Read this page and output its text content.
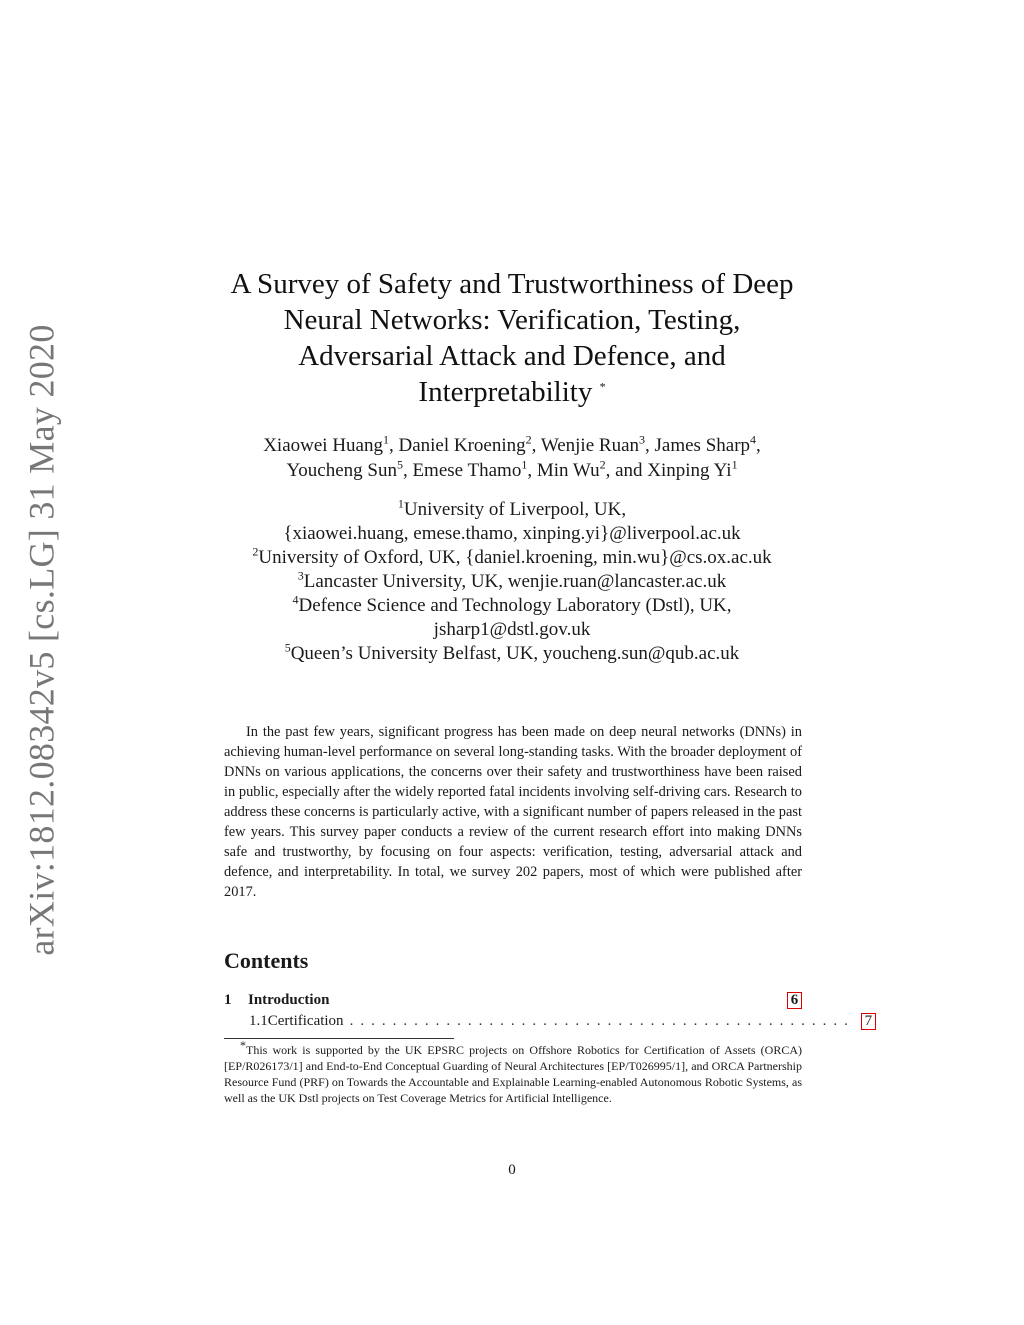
arXiv:1812.08342v5 [cs.LG] 31 May 2020
A Survey of Safety and Trustworthiness of Deep
Neural Networks: Verification, Testing,
Adversarial Attack and Defence, and
Interpretability *
Xiaowei Huang$^1$, Daniel Kroening$^2$, Wenjie Ruan$^3$, James Sharp$^4$,
Youcheng Sun$^5$, Emese Thamo$^1$, Min Wu$^2$, and Xinping Yi$^1$
$^1$University of Liverpool, UK,
{xiaowei.huang, emese.thamo, xinping.yi}@liverpool.ac.uk
$^2$University of Oxford, UK, {daniel.kroening, min.wu}@cs.ox.ac.uk
$^3$Lancaster University, UK, wenjie.ruan@lancaster.ac.uk
$^4$Defence Science and Technology Laboratory (Dstl), UK,
jsharp1@dstl.gov.uk
$^5$Queen’s University Belfast, UK, youcheng.sun@qub.ac.uk

In the past few years, significant progress has been made on deep neural networks (DNNs) in achieving human-level performance on several long-standing tasks. With the broader deployment of DNNs on various applications, the concerns over their safety and trustworthiness have been raised in public, especially after the widely reported fatal incidents involving self-driving cars. Research to address these concerns is particularly active, with a significant number of papers released in the past few years. This survey paper conducts a review of the current research effort into making DNNs safe and trustworthy, by focusing on four aspects: verification, testing, adversarial attack and defence, and interpretability. In total, we survey 202 papers, most of which were published after 2017.

Contents
1	Introduction	6
1.1 Certification ............................................... 7

*This work is supported by the UK EPSRC projects on Offshore Robotics for Certification of Assets (ORCA) [EP/R026173/1] and End-to-End Conceptual Guarding of Neural Architectures [EP/T026995/1], and ORCA Partnership Resource Fund (PRF) on Towards the Accountable and Explainable Learning-enabled Autonomous Robotic Systems, as well as the UK Dstl projects on Test Coverage Metrics for Artificial Intelligence.

0
